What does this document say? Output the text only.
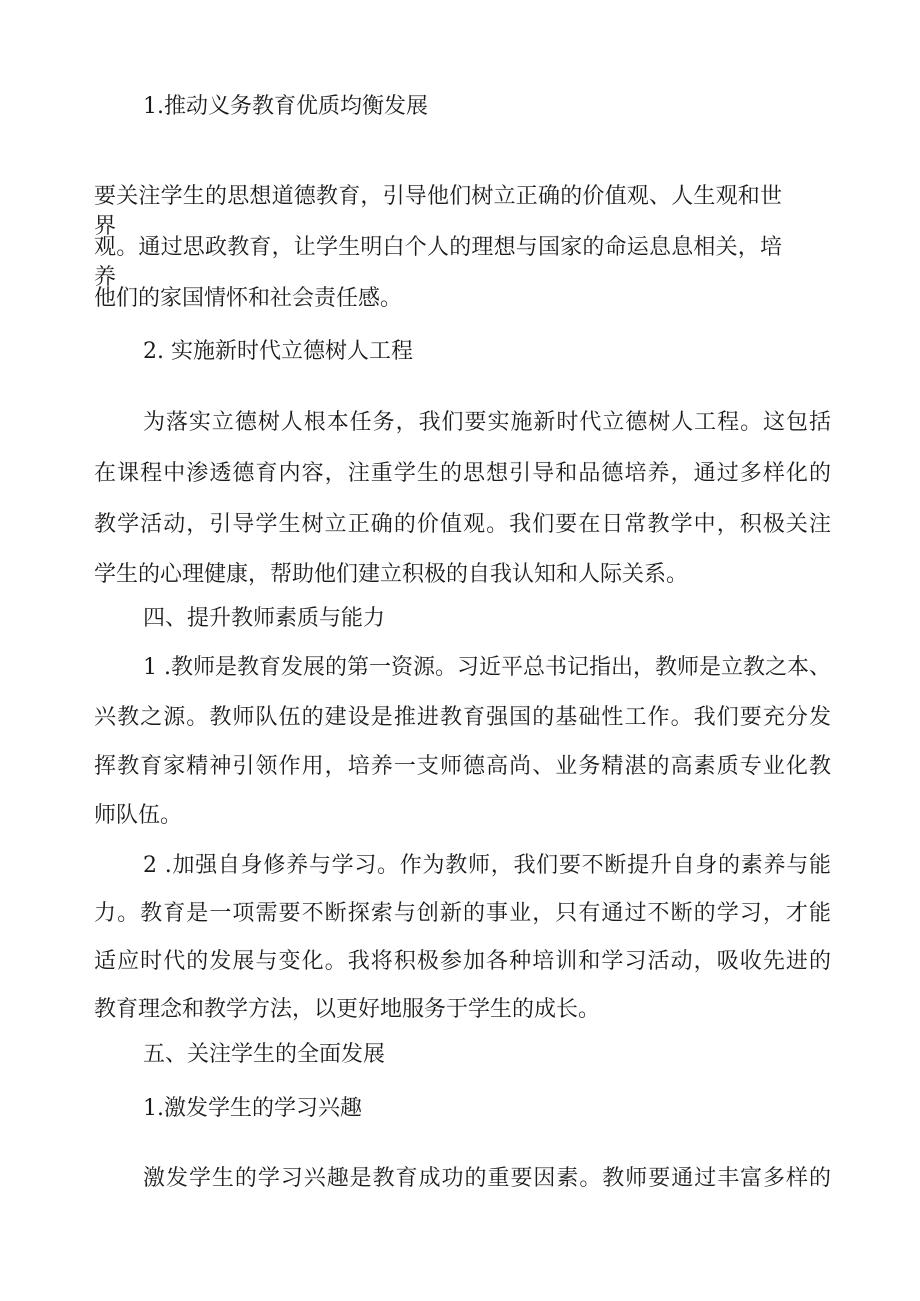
1.推动义务教育优质均衡发展

要关注学生的思想道德教育，引导他们树立正确的价值观、人生观和世界

观。通过思政教育，让学生明白个人的理想与国家的命运息息相关，培养

他们的家国情怀和社会责任感。

2. 实施新时代立德树人工程

为落实立德树人根本任务，我们要实施新时代立德树人工程。这包括

在课程中渗透德育内容，注重学生的思想引导和品德培养，通过多样化的

教学活动，引导学生树立正确的价值观。我们要在日常教学中，积极关注

学生的心理健康，帮助他们建立积极的自我认知和人际关系。

四、提升教师素质与能力

1 .教师是教育发展的第一资源。习近平总书记指出，教师是立教之本、

兴教之源。教师队伍的建设是推进教育强国的基础性工作。我们要充分发

挥教育家精神引领作用，培养一支师德高尚、业务精湛的高素质专业化教

师队伍。

2 .加强自身修养与学习。作为教师，我们要不断提升自身的素养与能

力。教育是一项需要不断探索与创新的事业，只有通过不断的学习，才能

适应时代的发展与变化。我将积极参加各种培训和学习活动，吸收先进的

教育理念和教学方法，以更好地服务于学生的成长。

五、关注学生的全面发展

1.激发学生的学习兴趣

激发学生的学习兴趣是教育成功的重要因素。教师要通过丰富多样的
